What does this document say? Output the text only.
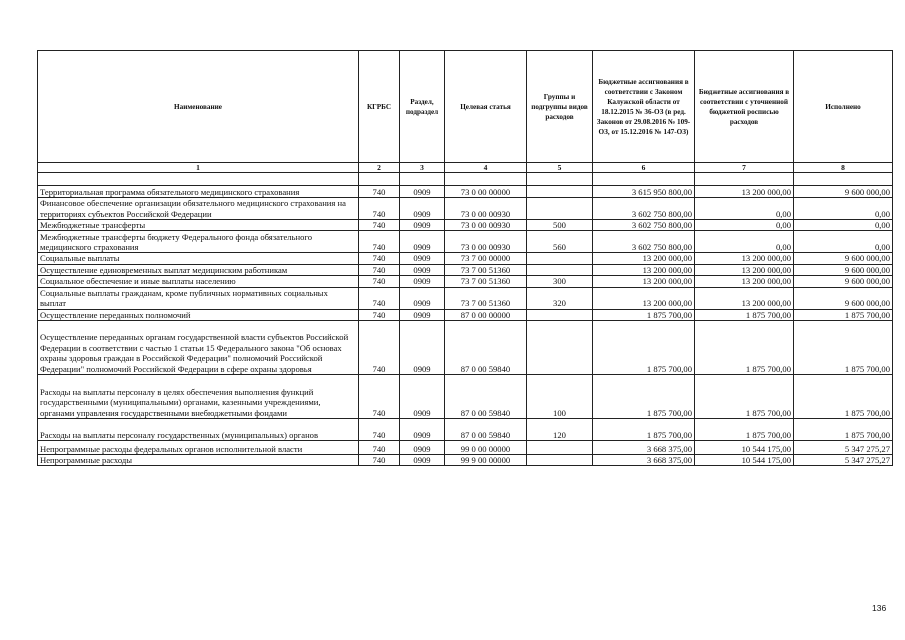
Наименование	КГРБС	Раздел, подраздел	Целевая статья	Группы и подгруппы видов расходов	Бюджетные ассигнования в соответствии с Законом Калужской области от 18.12.2015 № 36-ОЗ (в ред. Законов от 29.08.2016 № 109-ОЗ, от 15.12.2016 № 147-ОЗ)	Бюджетные ассигнования в соответствии с уточненной бюджетной росписью расходов	Исполнено
1	2	3	4	5	6	7	8

Территориальная программа обязательного медицинского страхования	740	0909	73 0 00 00000		3 615 950 800,00	13 200 000,00	9 600 000,00
Финансовое обеспечение организации обязательного медицинского страхования на территориях субъектов Российской Федерации	740	0909	73 0 00 00930		3 602 750 800,00	0,00	0,00
Межбюджетные трансферты	740	0909	73 0 00 00930	500	3 602 750 800,00	0,00	0,00
Межбюджетные трансферты бюджету Федерального фонда обязательного медицинского страхования	740	0909	73 0 00 00930	560	3 602 750 800,00	0,00	0,00
Социальные выплаты	740	0909	73 7 00 00000		13 200 000,00	13 200 000,00	9 600 000,00
Осуществление единовременных выплат медицинским работникам	740	0909	73 7 00 51360		13 200 000,00	13 200 000,00	9 600 000,00
Социальное обеспечение и иные выплаты населению	740	0909	73 7 00 51360	300	13 200 000,00	13 200 000,00	9 600 000,00
Социальные выплаты гражданам, кроме публичных нормативных социальных выплат	740	0909	73 7 00 51360	320	13 200 000,00	13 200 000,00	9 600 000,00
Осуществление переданных полномочий	740	0909	87 0 00 00000		1 875 700,00	1 875 700,00	1 875 700,00
Осуществление переданных органам государственной власти субъектов Российской Федерации в соответствии с частью 1 статьи 15 Федерального закона "Об основах охраны здоровья граждан в Российской Федерации" полномочий Российской Федерации" полномочий Российской Федерации в сфере охраны здоровья	740	0909	87 0 00 59840		1 875 700,00	1 875 700,00	1 875 700,00
Расходы на выплаты персоналу в целях обеспечения выполнения функций государственными (муниципальными) органами, казенными учреждениями, органами управления государственными внебюджетными фондами	740	0909	87 0 00 59840	100	1 875 700,00	1 875 700,00	1 875 700,00
Расходы на выплаты персоналу государственных (муниципальных) органов	740	0909	87 0 00 59840	120	1 875 700,00	1 875 700,00	1 875 700,00
Непрограммные расходы федеральных органов исполнительной власти	740	0909	99 0 00 00000		3 668 375,00	10 544 175,00	5 347 275,27
Непрограммные расходы	740	0909	99 9 00 00000		3 668 375,00	10 544 175,00	5 347 275,27
136
